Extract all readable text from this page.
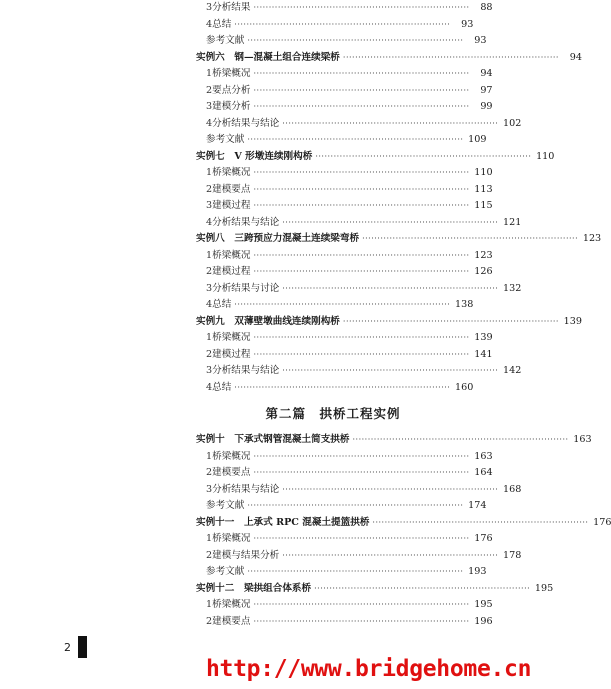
3 分析结果 ·······································································	88
4 总结 ·······································································	93
参考文献 ·······································································	93
实例六　钢—混凝土组合连续梁桥 ·······································································	94
1 桥梁概况 ·······································································	94
2 要点分析 ·······································································	97
3 建模分析 ·······································································	99
4 分析结果与结论 ······································································· 102
参考文献 ······································································· 109
实例七　V 形墩连续刚构桥 ······································································· 110
1 桥梁概况 ······································································· 110
2 建模要点 ······································································· 113
3 建模过程 ······································································· 115
4 分析结果与结论 ······································································· 121
实例八　三跨预应力混凝土连续梁弯桥 ······································································· 123
1 桥梁概况 ······································································· 123
2 建模过程 ······································································· 126
3 分析结果与讨论 ······································································· 132
4 总结 ······································································· 138
实例九　双薄壁墩曲线连续刚构桥 ······································································· 139
1 桥梁概况 ······································································· 139
2 建模过程 ······································································· 141
3 分析结果与结论 ······································································· 142
4 总结 ······································································· 160
实例十　下承式钢管混凝土简支拱桥 ······································································· 163
1 桥梁概况 ······································································· 163
2 建模要点 ······································································· 164
3 分析结果与结论 ······································································· 168
参考文献 ······································································· 174
实例十一　上承式 RPC 混凝土提篮拱桥 ······································································· 176
1 桥梁概况 ······································································· 176
2 建模与结果分析 ······································································· 178
参考文献 ······································································· 193
实例十二　梁拱组合体系桥 ······································································· 195
1 桥梁概况 ······································································· 195
2 建模要点 ······································································· 196
第二篇　拱桥工程实例
2
http://www.bridgehome.cn
